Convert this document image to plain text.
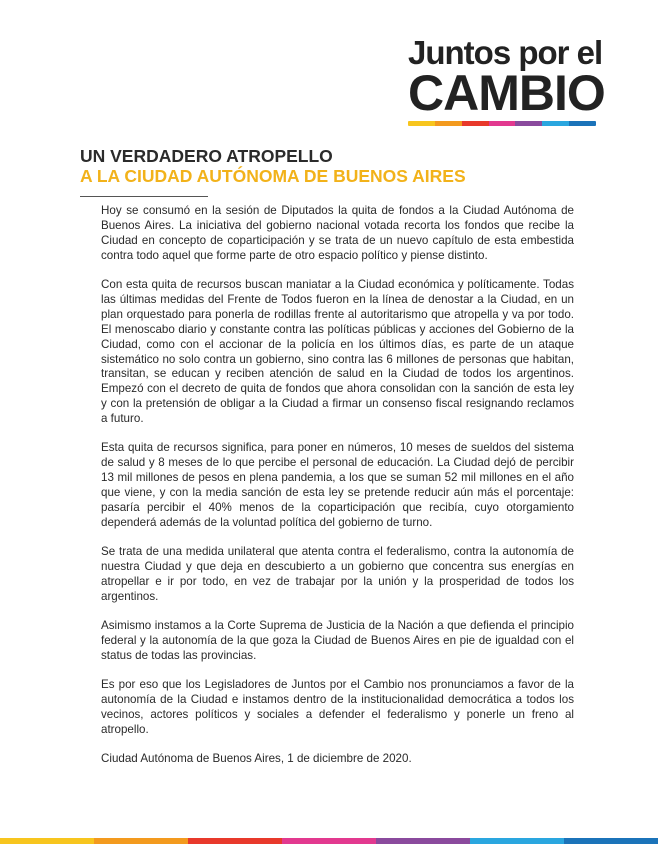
Juntos por el
CAMBIO
UN VERDADERO ATROPELLO
A LA CIUDAD AUTÓNOMA DE BUENOS AIRES

Hoy se consumó en la sesión de Diputados la quita de fondos a la Ciudad Autónoma de Buenos Aires. La iniciativa del gobierno nacional votada recorta los fondos que recibe la Ciudad en concepto de coparticipación y se trata de un nuevo capítulo de esta embestida contra todo aquel que forme parte de otro espacio político y piense distinto.

Con esta quita de recursos buscan maniatar a la Ciudad económica y políticamente. Todas las últimas medidas del Frente de Todos fueron en la línea de denostar a la Ciudad, en un plan orquestado para ponerla de rodillas frente al autoritarismo que atropella y va por todo. El menoscabo diario y constante contra las políticas públicas y acciones del Gobierno de la Ciudad, como con el accionar de la policía en los últimos días, es parte de un ataque sistemático no solo contra un gobierno, sino contra las 6 millones de personas que habitan, transitan, se educan y reciben atención de salud en la Ciudad de todos los argentinos. Empezó con el decreto de quita de fondos que ahora consolidan con la sanción de esta ley y con la pretensión de obligar a la Ciudad a firmar un consenso fiscal resignando reclamos a futuro.

Esta quita de recursos significa, para poner en números, 10 meses de sueldos del sistema de salud y 8 meses de lo que percibe el personal de educación. La Ciudad dejó de percibir 13 mil millones de pesos en plena pandemia, a los que se suman 52 mil millones en el año que viene, y con la media sanción de esta ley se pretende reducir aún más el porcentaje: pasaría percibir el 40% menos de la coparticipación que recibía, cuyo otorgamiento dependerá además de la voluntad política del gobierno de turno.

Se trata de una medida unilateral que atenta contra el federalismo, contra la autonomía de nuestra Ciudad y que deja en descubierto a un gobierno que concentra sus energías en atropellar e ir por todo, en vez de trabajar por la unión y la prosperidad de todos los argentinos.

Asimismo instamos a la Corte Suprema de Justicia de la Nación a que defienda el principio federal y la autonomía de la que goza la Ciudad de Buenos Aires en pie de igualdad con el status de todas las provincias.

Es por eso que los Legisladores de Juntos por el Cambio nos pronunciamos a favor de la autonomía de la Ciudad e instamos dentro de la institucionalidad democrática a todos los vecinos, actores políticos y sociales a defender el federalismo y ponerle un freno al atropello.

Ciudad Autónoma de Buenos Aires, 1 de diciembre de 2020.
